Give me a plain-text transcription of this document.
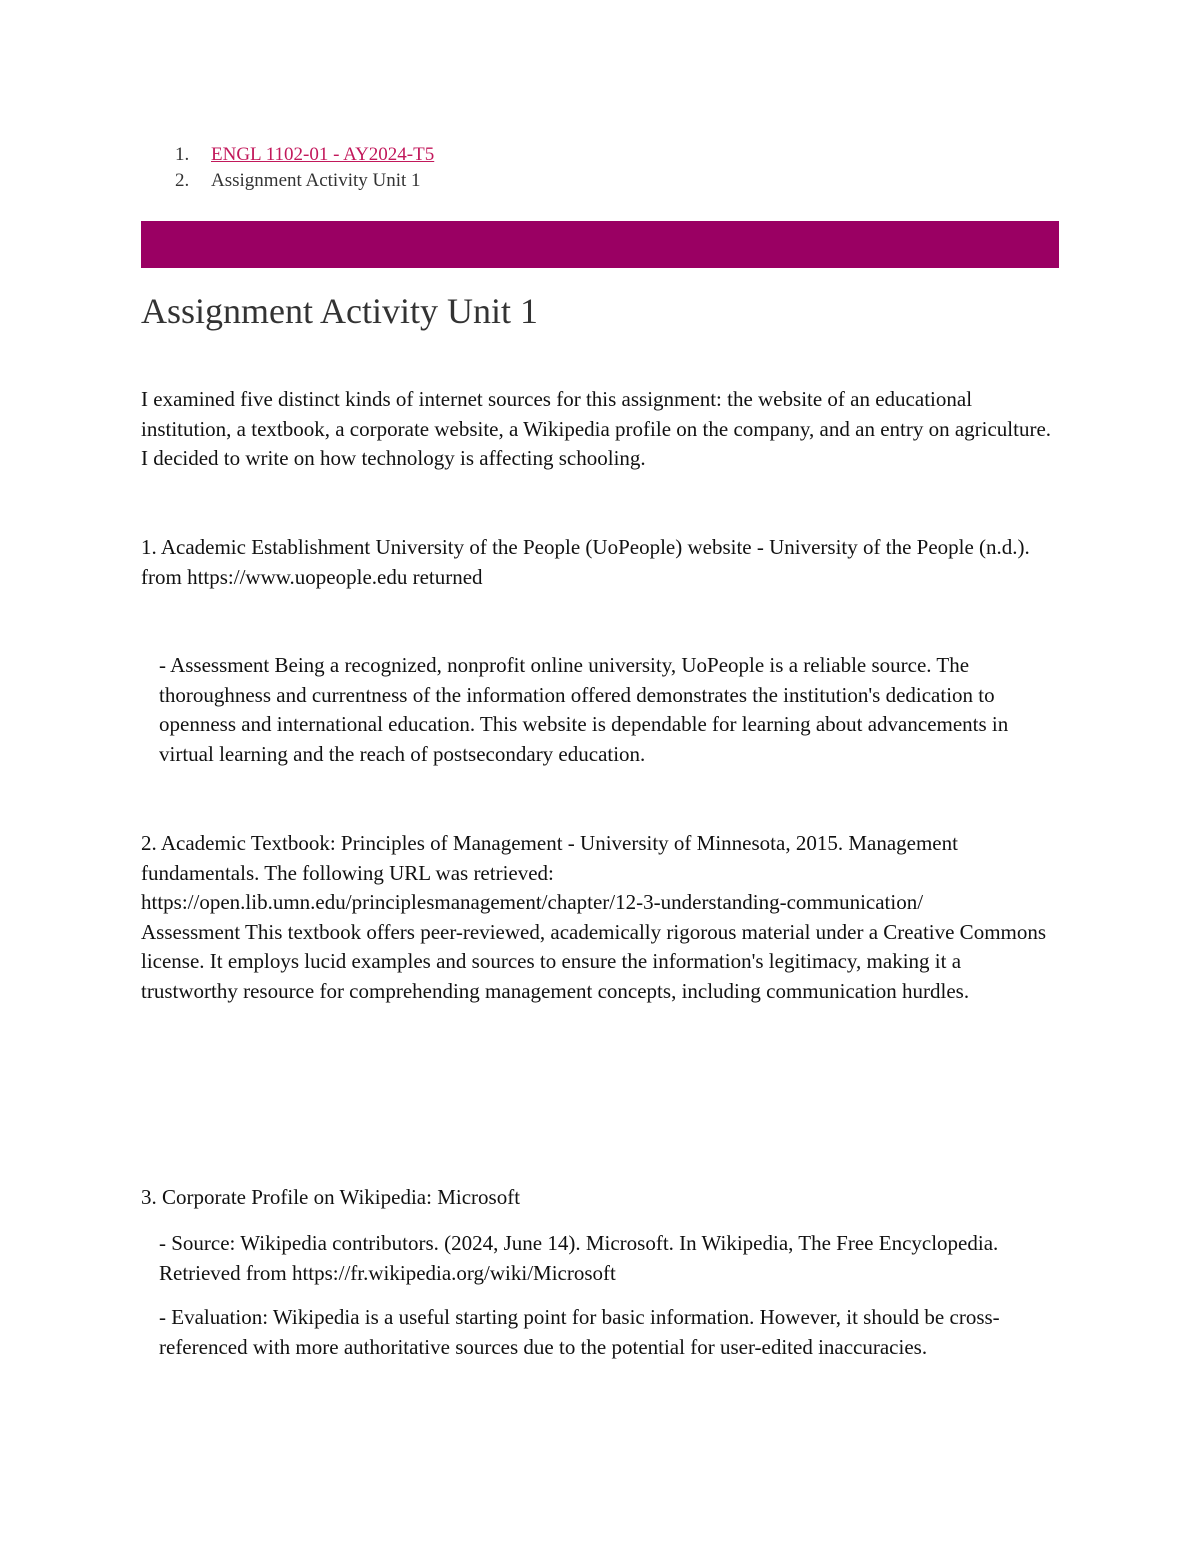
1.	ENGL 1102-01 - AY2024-T5
2.	Assignment Activity Unit 1
Assignment Activity Unit 1

I examined five distinct kinds of internet sources for this assignment: the website of an educational institution, a textbook, a corporate website, a Wikipedia profile on the company, and an entry on agriculture. I decided to write on how technology is affecting schooling.

1. Academic Establishment University of the People (UoPeople) website - University of the People (n.d.). from https://www.uopeople.edu returned

- Assessment Being a recognized, nonprofit online university, UoPeople is a reliable source. The thoroughness and currentness of the information offered demonstrates the institution's dedication to openness and international education. This website is dependable for learning about advancements in virtual learning and the reach of postsecondary education.

2. Academic Textbook: Principles of Management - University of Minnesota, 2015. Management fundamentals. The following URL was retrieved:
https://open.lib.umn.edu/principlesmanagement/chapter/12-3-understanding-communication/
Assessment This textbook offers peer-reviewed, academically rigorous material under a Creative Commons license. It employs lucid examples and sources to ensure the information's legitimacy, making it a trustworthy resource for comprehending management concepts, including communication hurdles.

3. Corporate Profile on Wikipedia: Microsoft

- Source: Wikipedia contributors. (2024, June 14). Microsoft. In Wikipedia, The Free Encyclopedia. Retrieved from https://fr.wikipedia.org/wiki/Microsoft

- Evaluation: Wikipedia is a useful starting point for basic information. However, it should be cross-referenced with more authoritative sources due to the potential for user-edited inaccuracies.
